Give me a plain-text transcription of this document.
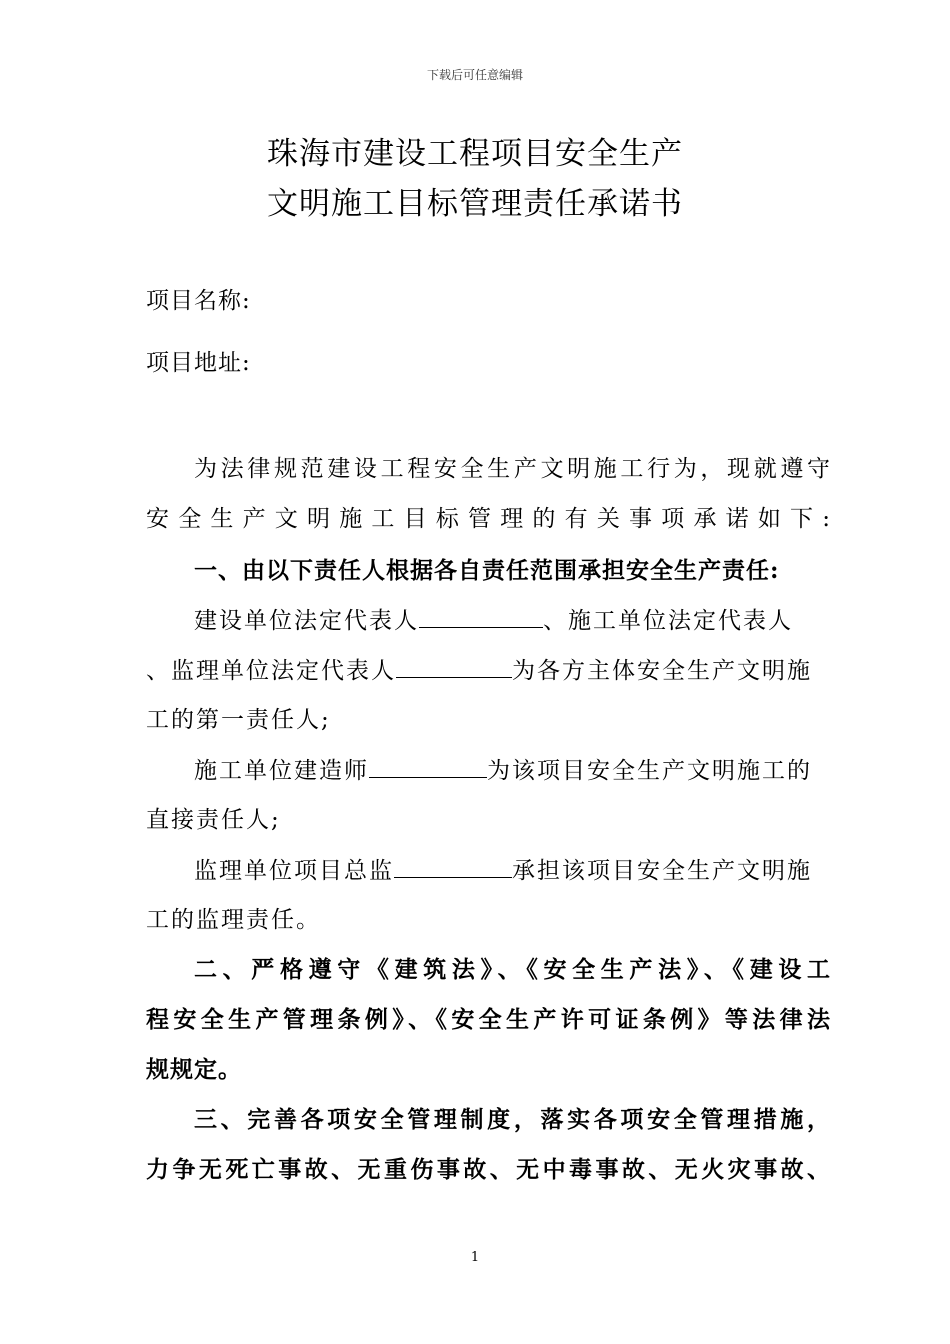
下载后可任意编辑
珠海市建设工程项目安全生产
文明施工目标管理责任承诺书
项目名称:
项目地址:
为法律规范建设工程安全生产文明施工行为，现就遵守
安全生产文明施工目标管理的有关事项承诺如下:
一、由以下责任人根据各自责任范围承担安全生产责任:
建设单位法定代表人	、施工单位法定代表人
、监理单位法定代表人	为各方主体安全生产文明施
工的第一责任人;
施工单位建造师	为该项目安全生产文明施工的
直接责任人;
监理单位项目总监	承担该项目安全生产文明施
工的监理责任。
二、严格遵守《建筑法》、《安全生产法》、《建设工
程安全生产管理条例》、《安全生产许可证条例》等法律法
规规定。
三、完善各项安全管理制度，落实各项安全管理措施，
力争无死亡事故、无重伤事故、无中毒事故、无火灾事故、
1
